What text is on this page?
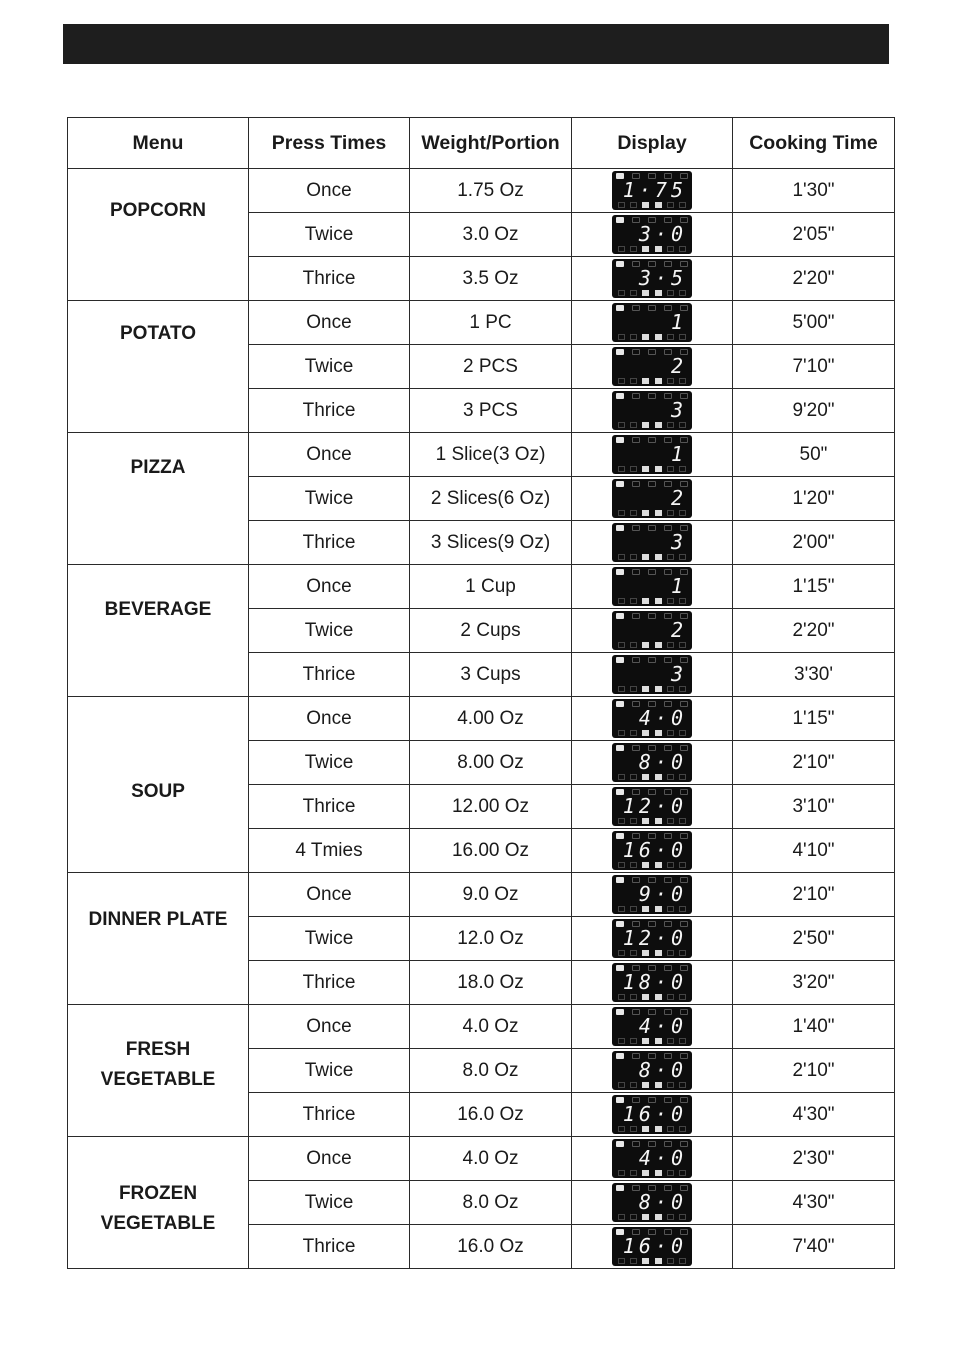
Menu	Press Times	Weight/Portion	Display	Cooking Time
POPCORN	Once	1.75 Oz	1·75	1'30"
	Twice	3.0 Oz	3·0	2'05"
	Thrice	3.5 Oz	3·5	2'20"
POTATO	Once	1 PC	1	5'00"
	Twice	2 PCS	2	7'10"
	Thrice	3 PCS	3	9'20"
PIZZA	Once	1 Slice(3 Oz)	1	50"
	Twice	2 Slices(6 Oz)	2	1'20"
	Thrice	3 Slices(9 Oz)	3	2'00"
BEVERAGE	Once	1 Cup	1	1'15"
	Twice	2 Cups	2	2'20"
	Thrice	3 Cups	3	3'30'
SOUP	Once	4.00 Oz	4·0	1'15"
	Twice	8.00 Oz	8·0	2'10"
	Thrice	12.00 Oz	12·0	3'10"
	4 Tmies	16.00 Oz	16·0	4'10"
DINNER PLATE	Once	9.0 Oz	9·0	2'10"
	Twice	12.0 Oz	12·0	2'50"
	Thrice	18.0 Oz	18·0	3'20"
FRESH VEGETABLE	Once	4.0 Oz	4·0	1'40"
	Twice	8.0 Oz	8·0	2'10"
	Thrice	16.0 Oz	16·0	4'30"
FROZEN VEGETABLE	Once	4.0 Oz	4·0	2'30"
	Twice	8.0 Oz	8·0	4'30"
	Thrice	16.0 Oz	16·0	7'40"
